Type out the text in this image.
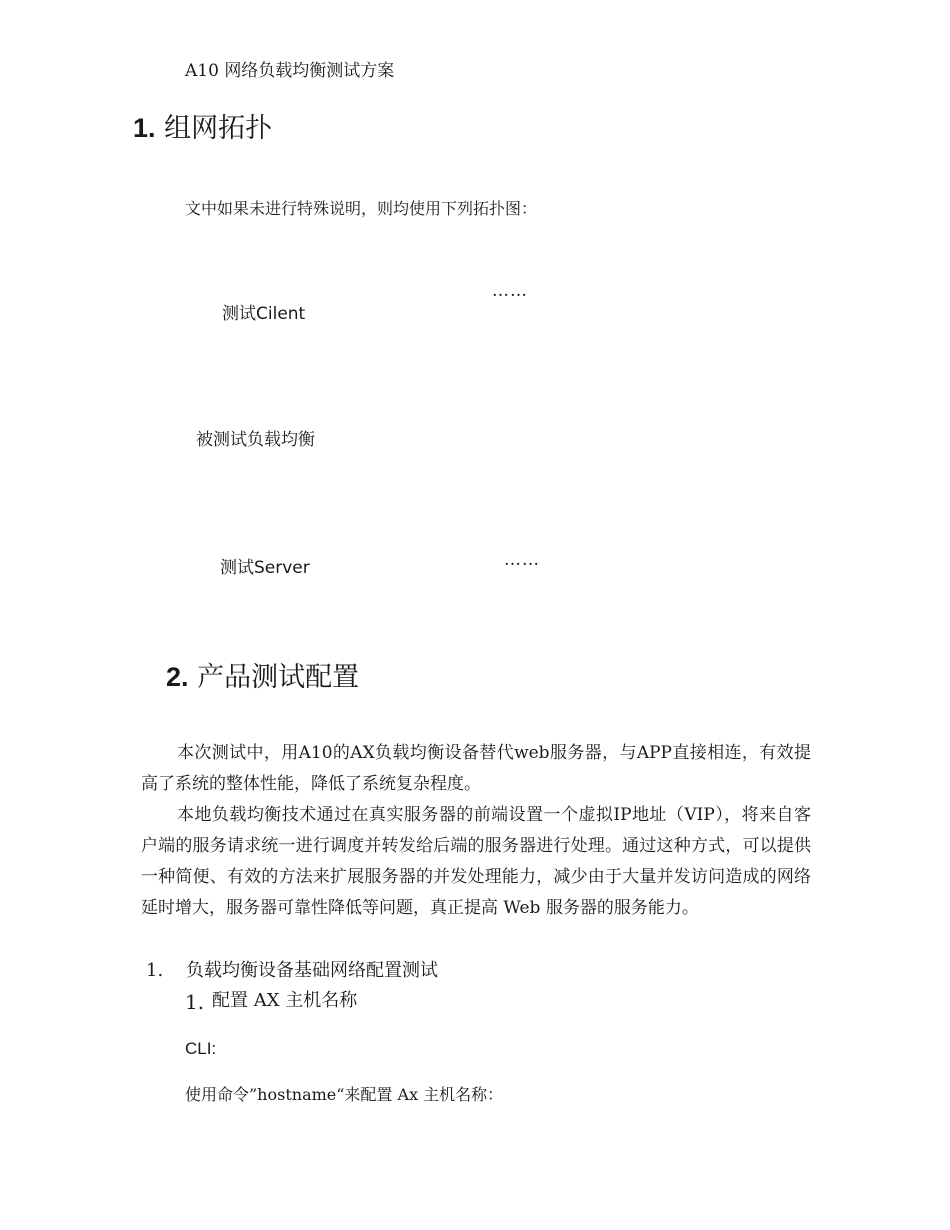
A10 网络负载均衡测试方案
1. 组网拓扑
文中如果未进行特殊说明，则均使用下列拓扑图：
测试Cilent
……
被测试负载均衡
测试Server	……
2. 产品测试配置

本次测试中，用A10的AX负载均衡设备替代web服务器，与APP直接相连，有效提高了系统的整体性能，降低了系统复杂程度。

本地负载均衡技术通过在真实服务器的前端设置一个虚拟IP地址（VIP），将来自客户端的服务请求统一进行调度并转发给后端的服务器进行处理。通过这种方式，可以提供一种简便、有效的方法来扩展服务器的并发处理能力，减少由于大量并发访问造成的网络延时增大，服务器可靠性降低等问题，真正提高 Web 服务器的服务能力。

1. 负载均衡设备基础网络配置测试
1. 配置 AX 主机名称
CLI:
使用命令”hostname“来配置 Ax 主机名称：
